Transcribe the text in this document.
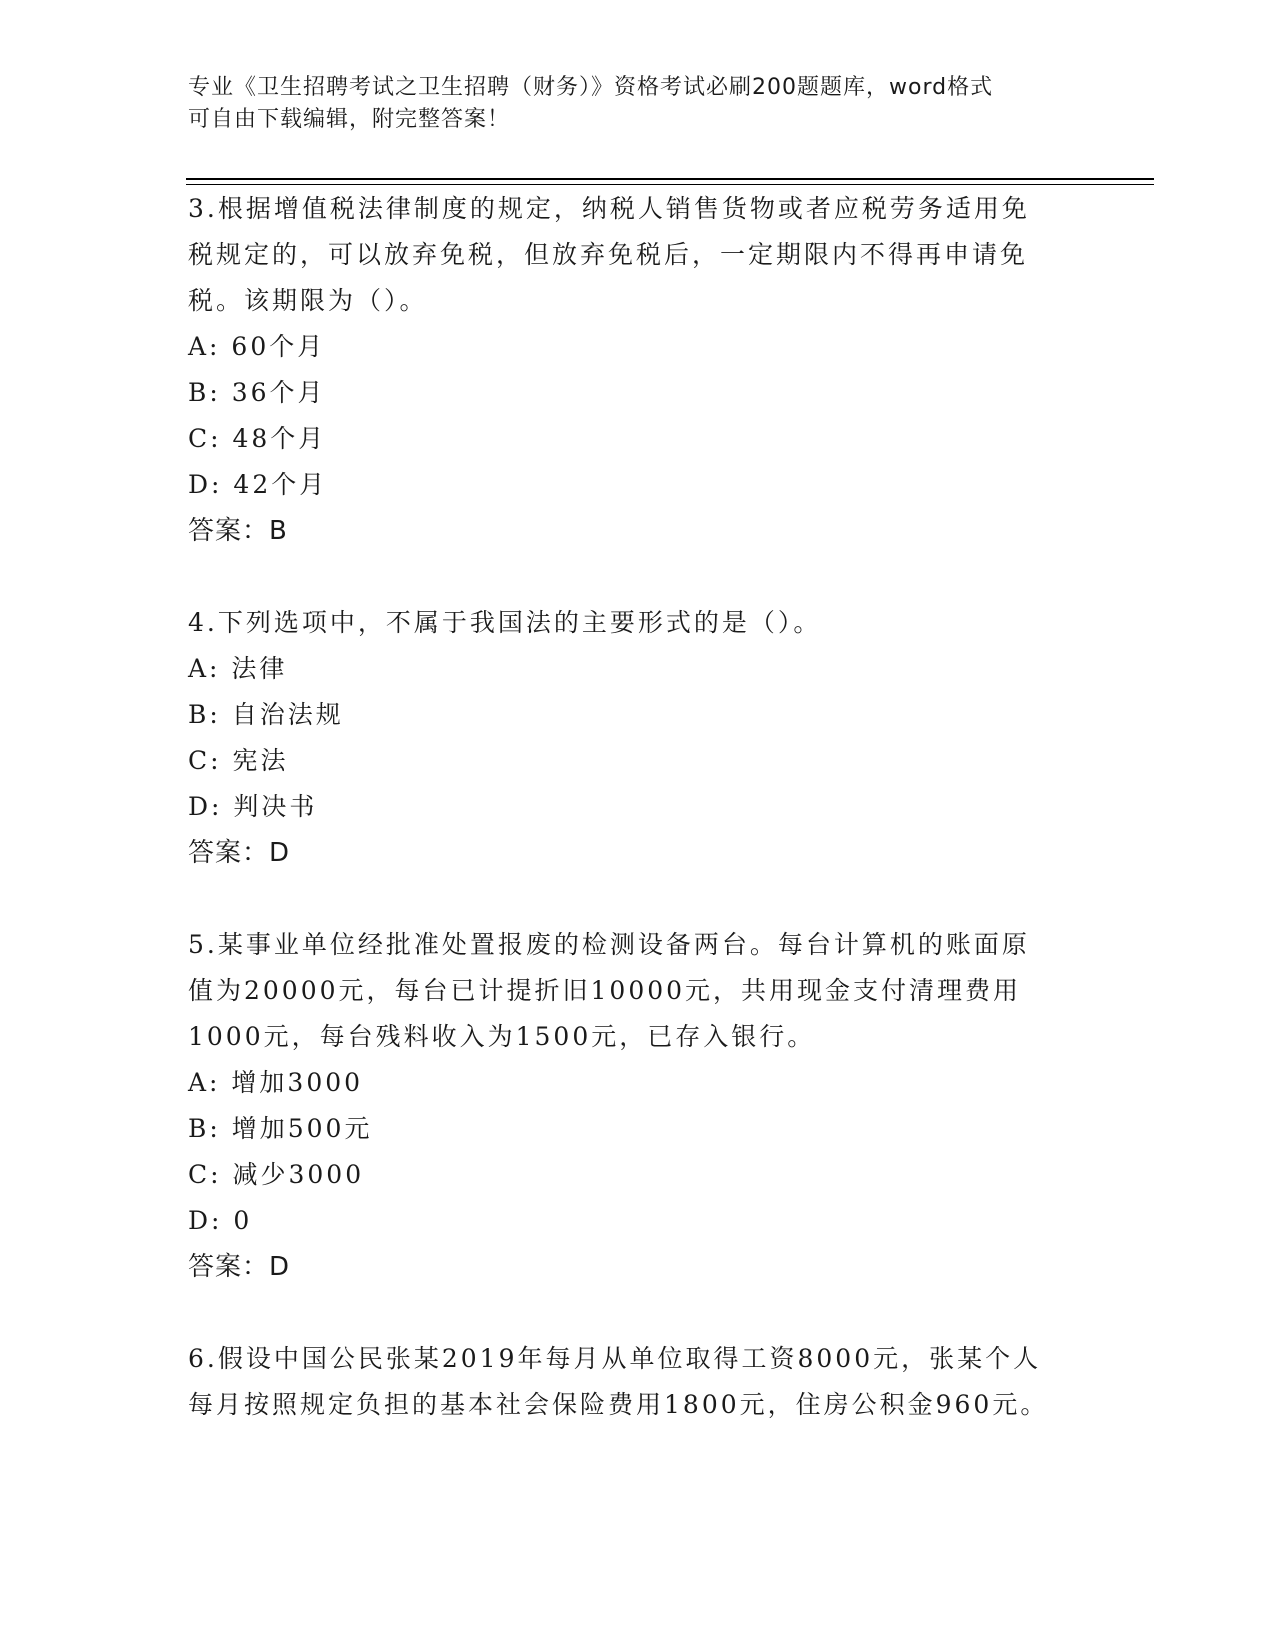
专业《卫生招聘考试之卫生招聘（财务）》资格考试必刷200题题库，word格式
可自由下载编辑，附完整答案！
3.根据增值税法律制度的规定，纳税人销售货物或者应税劳务适用免
税规定的，可以放弃免税，但放弃免税后，一定期限内不得再申请免
税。该期限为（）。
A: 60个月
B: 36个月
C: 48个月
D: 42个月
答案：B
4.下列选项中，不属于我国法的主要形式的是（）。
A: 法律
B: 自治法规
C: 宪法
D: 判决书
答案：D
5.某事业单位经批准处置报废的检测设备两台。每台计算机的账面原
值为20000元，每台已计提折旧10000元，共用现金支付清理费用
1000元，每台残料收入为1500元，已存入银行。
A: 增加3000
B: 增加500元
C: 减少3000
D: 0
答案：D
6.假设中国公民张某2019年每月从单位取得工资8000元，张某个人
每月按照规定负担的基本社会保险费用1800元，住房公积金960元。
